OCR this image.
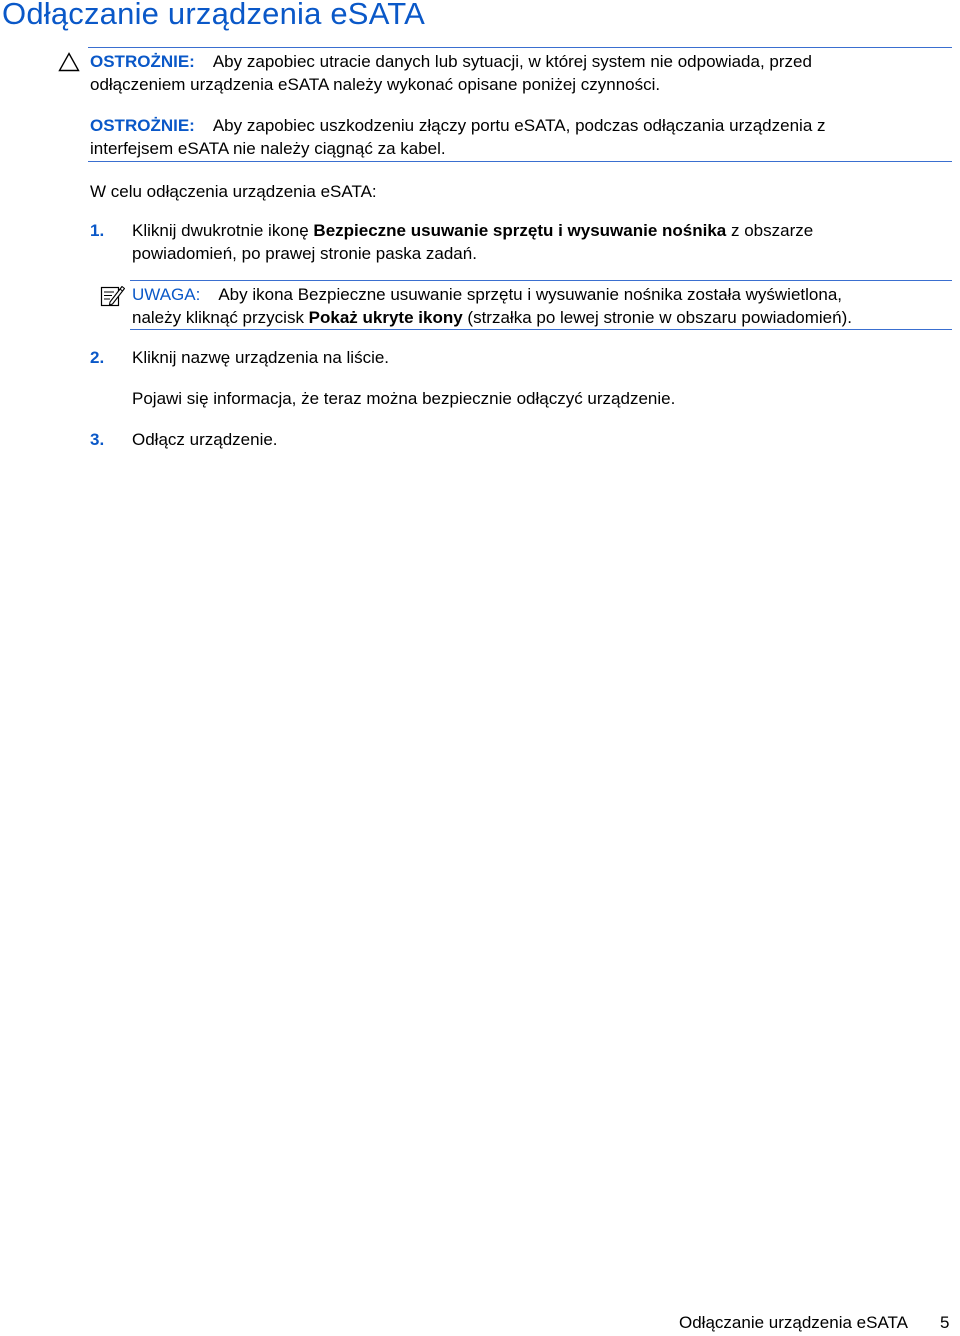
Odłączanie urządzenia eSATA
OSTROŻNIE: Aby zapobiec utracie danych lub sytuacji, w której system nie odpowiada, przed
odłączeniem urządzenia eSATA należy wykonać opisane poniżej czynności.
OSTROŻNIE: Aby zapobiec uszkodzeniu złączy portu eSATA, podczas odłączania urządzenia z
interfejsem eSATA nie należy ciągnąć za kabel.
W celu odłączenia urządzenia eSATA:
1. Kliknij dwukrotnie ikonę Bezpieczne usuwanie sprzętu i wysuwanie nośnika z obszarze
powiadomień, po prawej stronie paska zadań.
UWAGA: Aby ikona Bezpieczne usuwanie sprzętu i wysuwanie nośnika została wyświetlona,
należy kliknąć przycisk Pokaż ukryte ikony (strzałka po lewej stronie w obszaru powiadomień).
2. Kliknij nazwę urządzenia na liście.
Pojawi się informacja, że teraz można bezpiecznie odłączyć urządzenie.
3. Odłącz urządzenie.
Odłączanie urządzenia eSATA 5
